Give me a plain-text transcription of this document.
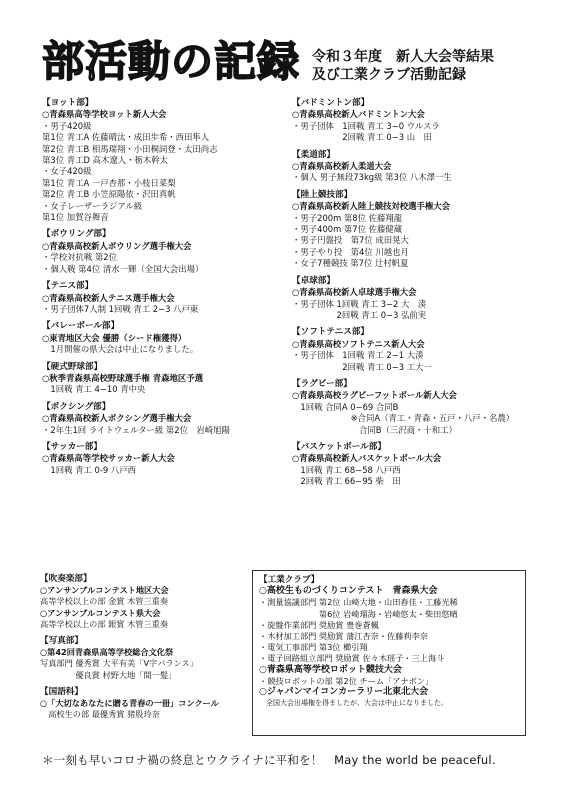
部活動の記録 令和３年度　新人大会等結果
及び工業クラブ活動記録
【ヨット部】
○青森県高等学校ヨット新人大会
・男子420級
第1位 青工A 佐藤晴汰・成田歩希・西田隼人
第2位 青工B 相馬瑞翔・小田桐詞登・太田尚志
第3位 青工D 高木遼人・栃木幹太
・女子420級
第1位 青工A 一戸杏那・小枝日菜梨
第2位 青工B 小笠原陽依・沢田真帆
・女子レーザーラジアル級
第1位 加賀谷舞音
【ボウリング部】
○青森県高校新人ボウリング選手権大会
・学校対抗戦 第2位
・個人戦 第4位 清水一輝（全国大会出場）
【テニス部】
○青森県高校新人テニス選手権大会
・男子団体7人制 1回戦 青工 2−3 八戸東
【バレーボール部】
○東青地区大会 優勝（シード権獲得）
　1月開催の県大会は中止になりました。
【硬式野球部】
○秋季青森県高校野球選手権 青森地区予選
　1回戦 青工 4−10 青中央
【ボクシング部】
○青森県高校新人ボクシング選手権大会
・2年生1回 ライトウェルター級 第2位　岩崎旭陽
【サッカー部】
○青森県高等学校サッカー新人大会
　1回戦 青工 0-9 八戸西
【バドミントン部】
○青森県高校新人バドミントン大会
・男子団体　1回戦 青工 3−0 ウルスラ
　　　　　　2回戦 青工 0−3 山　田
【柔道部】
○青森県高校新人柔道大会
・個人 男子無段73kg級 第3位 八木澤一生
【陸上競技部】
○青森県高校新人陸上競技対校選手権大会
・男子200m 第8位 佐藤翔龍
・男子400m 第7位 佐藤健蔵
・男子円盤投　第7位 成田晃大
・男子やり投　第4位 川越也月
・女子7種競技 第7位 辻村帆夏
【卓球部】
○青森県高校新人卓球選手権大会
・男子団体 1回戦 青工 3−2 大　湊
　　　　　 2回戦 青工 0−3 弘前実
【ソフトテニス部】
○青森県高校ソフトテニス新人大会
・男子団体　1回戦 青工 2−1 大湊
　　　　　　2回戦 青工 0−3 工大一
【ラグビー部】
○青森県高校ラグビーフットボール新人大会
　1回戦 合同A 0−69 合同B
　　　　　　　※合同A（青工・青森・五戸・八戸・名農）
　　　　　　　　合同B（三沢商・十和工）
【バスケットボール部】
○青森県高校新人バスケットボール大会
　1回戦 青工 68−58 八戸西
　2回戦 青工 66−95 柴　田
【吹奏楽部】
○アンサンブルコンテスト地区大会
高等学校以上の部 金賞 木管三重奏
○アンサンブルコンテスト県大会
高等学校以上の部 銀賞 木管三重奏
【写真部】
○第42回青森県高等学校総合文化祭
写真部門 優秀賞 大平有美「V字バランス」
　　　　 優良賞 村野大地「間一髪」
【国語科】
○「大切なあなたに贈る青春の一冊」コンクール
　高校生の部 最優秀賞 猪股玲奈
【工業クラブ】
○高校生ものづくりコンテスト　青森県大会
・測量協議部門 第2位 山崎大地・山田春佳・工藤光稀
　　　　　　　 第6位 岩崎瑠海・岩崎悠太・柴田悠晴
・旋盤作業部門 奨励賞 豊巻蒼楓
・木材加工部門 奨励賞 蒲江杏奈・佐藤莉李奈
・電気工事部門 第3位 櫛引翔
・電子回路組立部門 奨励賞 佐々木瑶子・三上海斗
○青森県高等学校ロボット競技大会
・競技ロボットの部 第2位 チーム「アナボン」
○ジャパンマイコンカーラリー北東北大会
　全国大会出場権を得ましたが、大会は中止になりました。
＊一刻も早いコロナ禍の終息とウクライナに平和を！　May the world be peaceful.
